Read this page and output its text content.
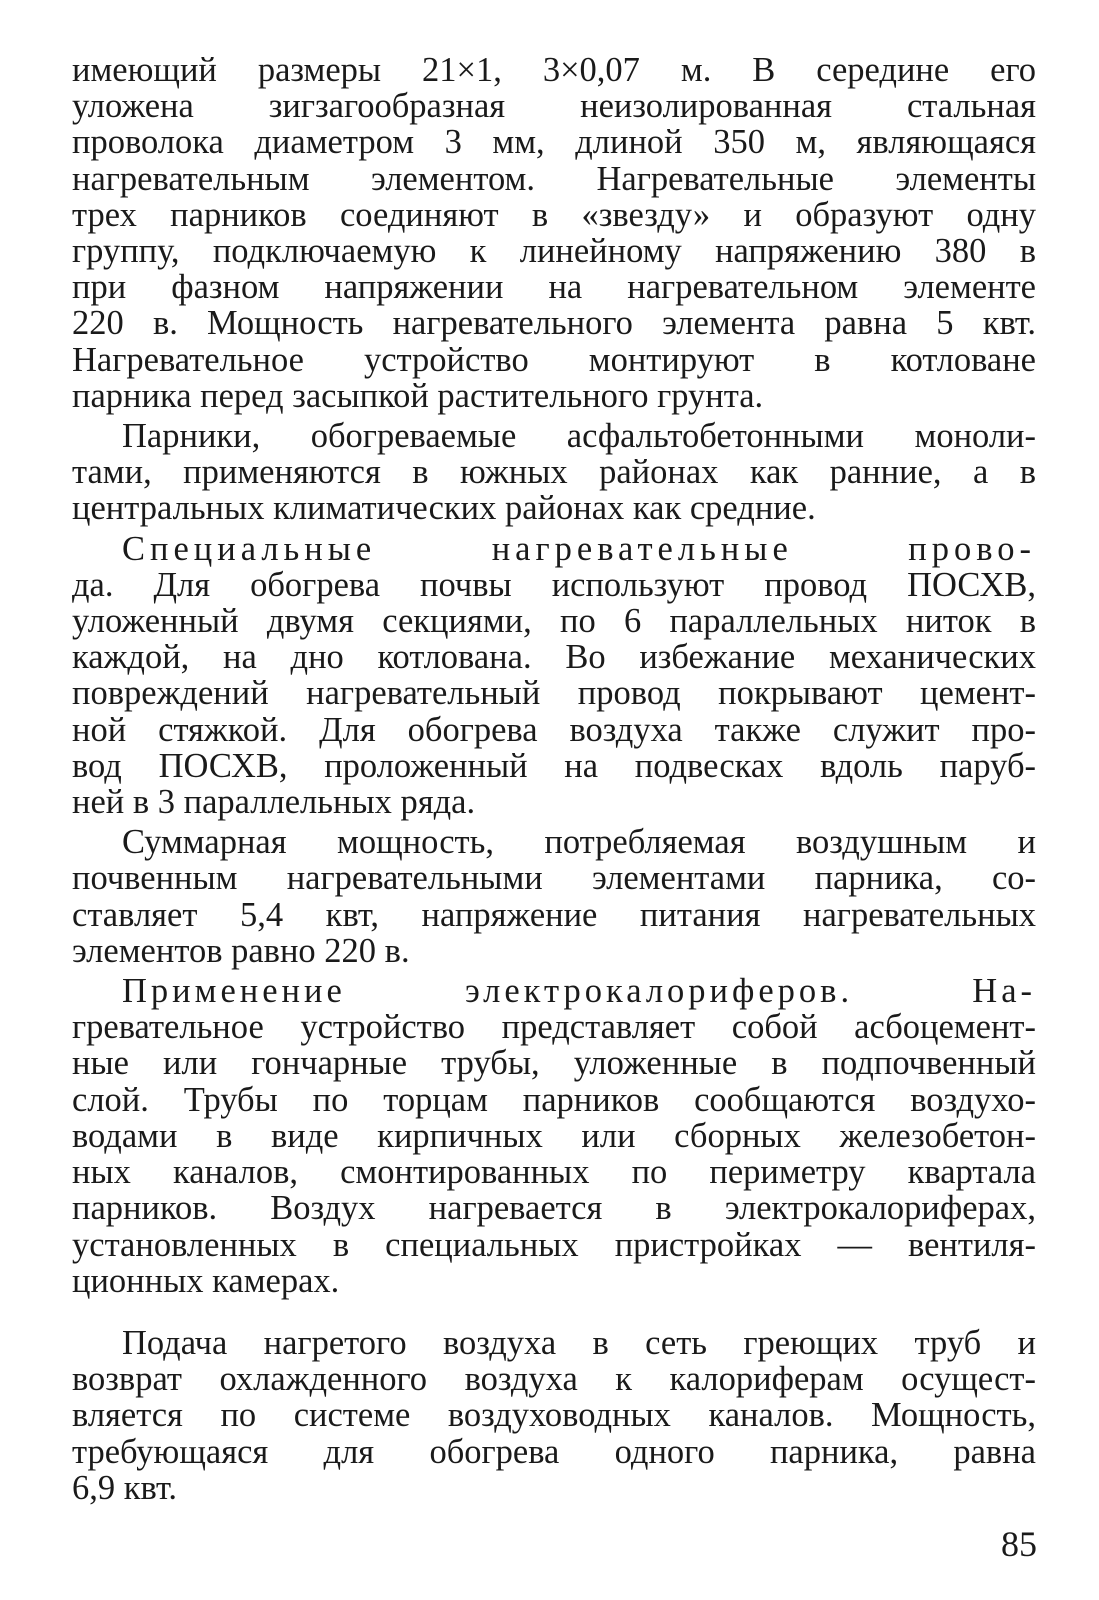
имеющий размеры 21×1, 3×0,07 м. В середине его
уложена зигзагообразная неизолированная стальная
проволока диаметром 3 мм, длиной 350 м, являющаяся
нагревательным элементом. Нагревательные элементы
трех парников соединяют в «звезду» и образуют одну
группу, подключаемую к линейному напряжению 380 в
при фазном напряжении на нагревательном элементе
220 в. Мощность нагревательного элемента равна 5 квт.
Нагревательное устройство монтируют в котловане
парника перед засыпкой растительного грунта.
Парники, обогреваемые асфальтобетонными моноли-
тами, применяются в южных районах как ранние, а в
центральных климатических районах как средние.
Специальные нагревательные прово-
да. Для обогрева почвы используют провод ПОСХВ,
уложенный двумя секциями, по 6 параллельных ниток в
каждой, на дно котлована. Во избежание механических
повреждений нагревательный провод покрывают цемент-
ной стяжкой. Для обогрева воздуха также служит про-
вод ПОСХВ, проложенный на подвесках вдоль паруб-
ней в 3 параллельных ряда.
Суммарная мощность, потребляемая воздушным и
почвенным нагревательными элементами парника, со-
ставляет 5,4 квт, напряжение питания нагревательных
элементов равно 220 в.
Применение электрокалориферов. На-
гревательное устройство представляет собой асбоцемент-
ные или гончарные трубы, уложенные в подпочвенный
слой. Трубы по торцам парников сообщаются воздухо-
водами в виде кирпичных или сборных железобетон-
ных каналов, смонтированных по периметру квартала
парников. Воздух нагревается в электрокалориферах,
установленных в специальных пристройках — вентиля-
ционных камерах.
Подача нагретого воздуха в сеть греющих труб и
возврат охлажденного воздуха к калориферам осущест-
вляется по системе воздуховодных каналов. Мощность,
требующаяся для обогрева одного парника, равна
6,9 квт.
85
